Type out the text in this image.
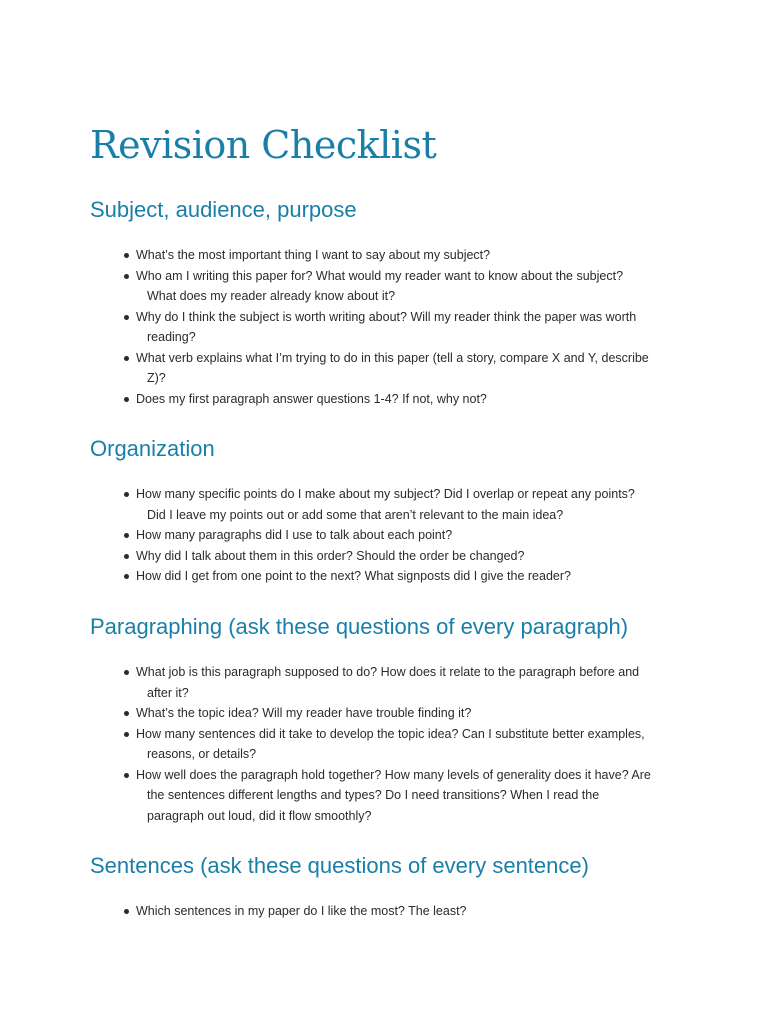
Revision Checklist
Subject, audience, purpose
What’s the most important thing I want to say about my subject?
Who am I writing this paper for? What would my reader want to know about the subject?
What does my reader already know about it?
Why do I think the subject is worth writing about? Will my reader think the paper was worth
reading?
What verb explains what I’m trying to do in this paper (tell a story, compare X and Y, describe
Z)?
Does my first paragraph answer questions 1-4? If not, why not?
Organization
How many specific points do I make about my subject? Did I overlap or repeat any points?
Did I leave my points out or add some that aren’t relevant to the main idea?
How many paragraphs did I use to talk about each point?
Why did I talk about them in this order? Should the order be changed?
How did I get from one point to the next? What signposts did I give the reader?
Paragraphing (ask these questions of every paragraph)
What job is this paragraph supposed to do? How does it relate to the paragraph before and
after it?
What’s the topic idea? Will my reader have trouble finding it?
How many sentences did it take to develop the topic idea? Can I substitute better examples,
reasons, or details?
How well does the paragraph hold together? How many levels of generality does it have? Are
the sentences different lengths and types? Do I need transitions? When I read the
paragraph out loud, did it flow smoothly?
Sentences (ask these questions of every sentence)
Which sentences in my paper do I like the most? The least?
